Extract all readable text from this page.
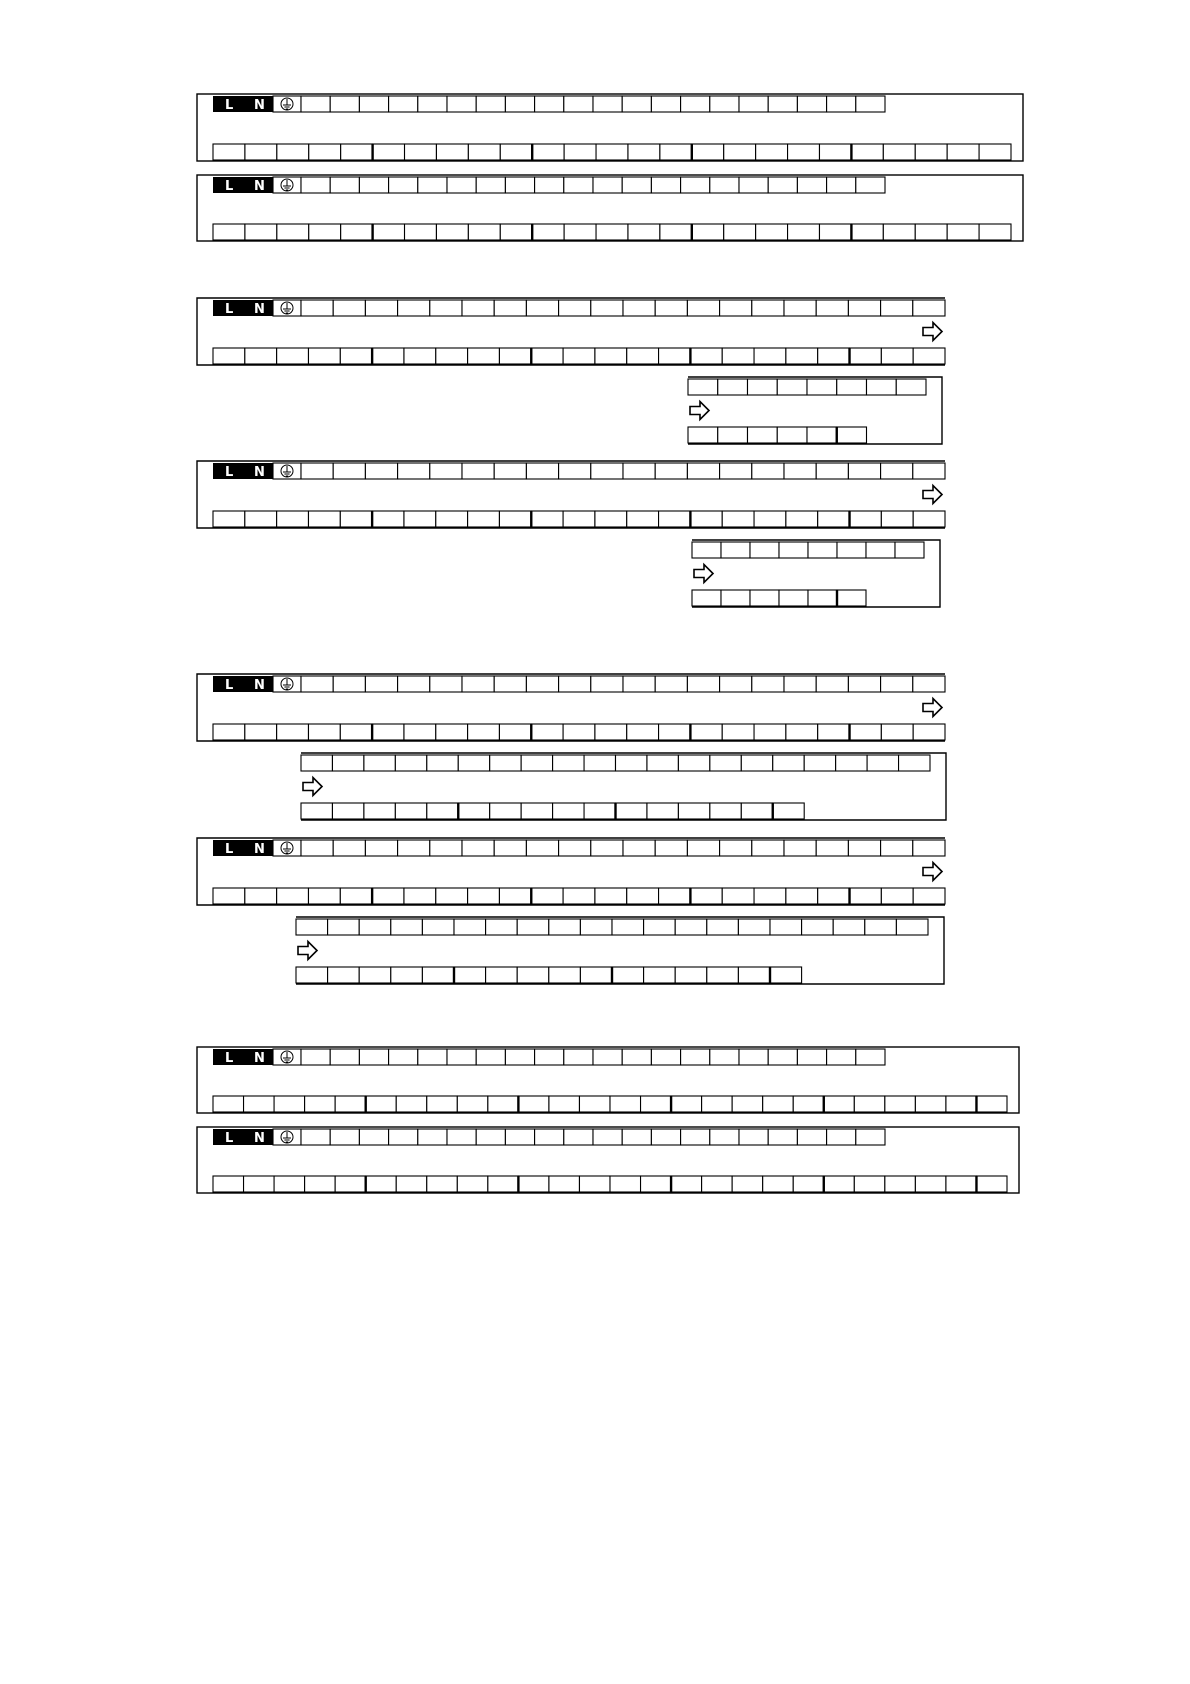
L N
L N
L N
L N
L N
L N
L N
L N
